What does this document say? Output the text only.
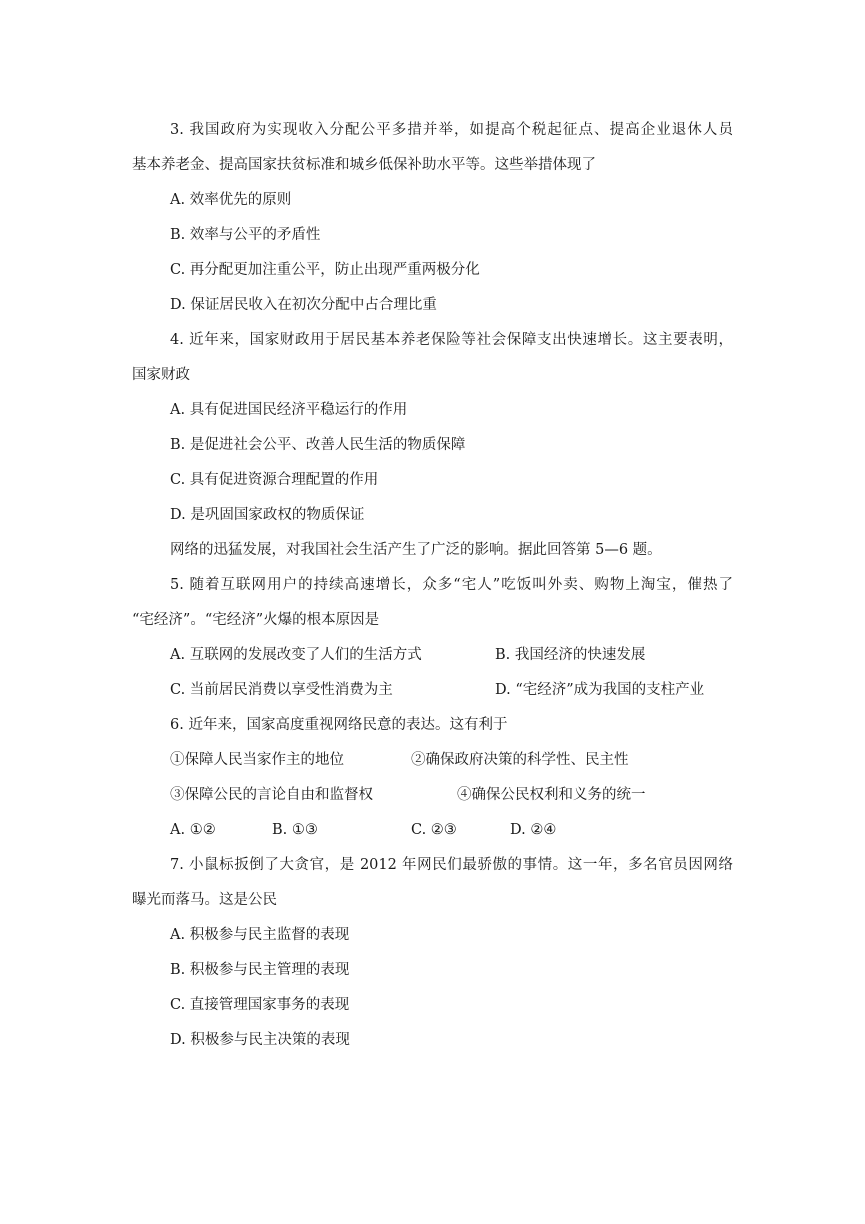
3. 我国政府为实现收入分配公平多措并举，如提高个税起征点、提高企业退休人员
基本养老金、提高国家扶贫标准和城乡低保补助水平等。这些举措体现了
A. 效率优先的原则
B. 效率与公平的矛盾性
C. 再分配更加注重公平，防止出现严重两极分化
D. 保证居民收入在初次分配中占合理比重
4. 近年来，国家财政用于居民基本养老保险等社会保障支出快速增长。这主要表明，
国家财政
A. 具有促进国民经济平稳运行的作用
B. 是促进社会公平、改善人民生活的物质保障
C. 具有促进资源合理配置的作用
D. 是巩固国家政权的物质保证
网络的迅猛发展，对我国社会生活产生了广泛的影响。据此回答第 5—6 题。
5. 随着互联网用户的持续高速增长，众多“宅人”吃饭叫外卖、购物上淘宝，催热了
“宅经济”。“宅经济”火爆的根本原因是
A. 互联网的发展改变了人们的生活方式	B. 我国经济的快速发展
C. 当前居民消费以享受性消费为主	D. “宅经济”成为我国的支柱产业
6. 近年来，国家高度重视网络民意的表达。这有利于
①保障人民当家作主的地位	②确保政府决策的科学性、民主性
③保障公民的言论自由和监督权	④确保公民权利和义务的统一
A. ①②	B. ①③	C. ②③	D. ②④
7. 小鼠标扳倒了大贪官，是 2012 年网民们最骄傲的事情。这一年，多名官员因网络
曝光而落马。这是公民
A. 积极参与民主监督的表现
B. 积极参与民主管理的表现
C. 直接管理国家事务的表现
D. 积极参与民主决策的表现
